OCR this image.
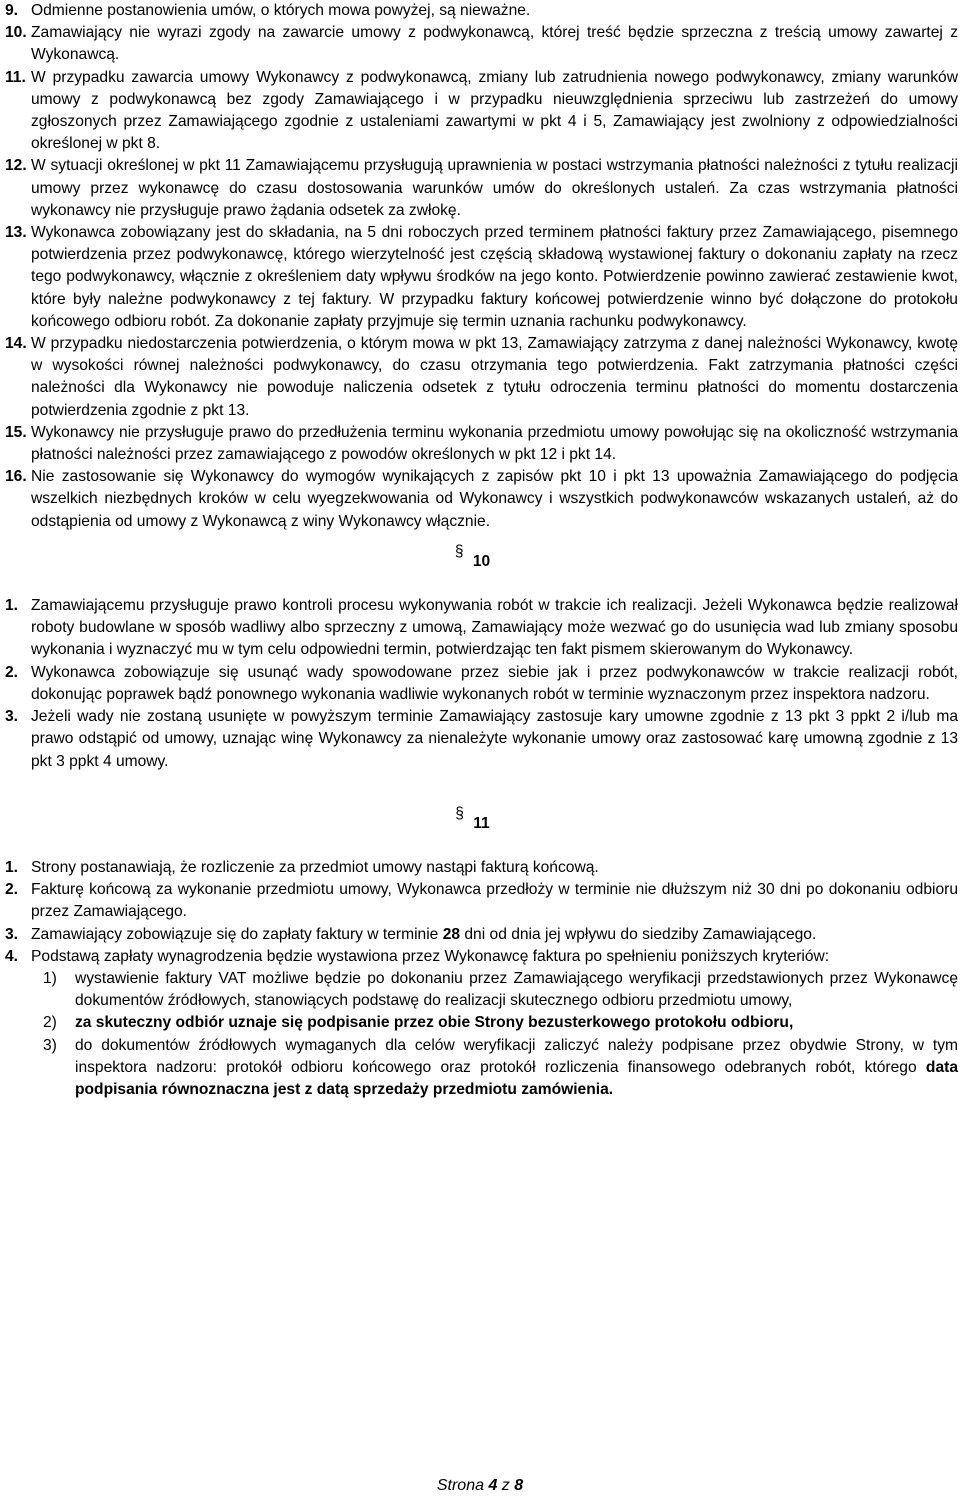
9. Odmienne postanowienia umów, o których mowa powyżej, są nieważne.
10. Zamawiający nie wyrazi zgody na zawarcie umowy z podwykonawcą, której treść będzie sprzeczna z treścią umowy zawartej z Wykonawcą.
11. W przypadku zawarcia umowy Wykonawcy z podwykonawcą, zmiany lub zatrudnienia nowego podwykonawcy, zmiany warunków umowy z podwykonawcą bez zgody Zamawiającego i w przypadku nieuwzględnienia sprzeciwu lub zastrzeżeń do umowy zgłoszonych przez Zamawiającego zgodnie z ustaleniami zawartymi w pkt 4 i 5, Zamawiający jest zwolniony z odpowiedzialności określonej w pkt 8.
12. W sytuacji określonej w pkt 11 Zamawiającemu przysługują uprawnienia w postaci wstrzymania płatności należności z tytułu realizacji umowy przez wykonawcę do czasu dostosowania warunków umów do określonych ustaleń. Za czas wstrzymania płatności wykonawcy nie przysługuje prawo żądania odsetek za zwłokę.
13. Wykonawca zobowiązany jest do składania, na 5 dni roboczych przed terminem płatności faktury przez Zamawiającego, pisemnego potwierdzenia przez podwykonawcę, którego wierzytelność jest częścią składową wystawionej faktury o dokonaniu zapłaty na rzecz tego podwykonawcy, włącznie z określeniem daty wpływu środków na jego konto. Potwierdzenie powinno zawierać zestawienie kwot, które były należne podwykonawcy z tej faktury. W przypadku faktury końcowej potwierdzenie winno być dołączone do protokołu końcowego odbioru robót. Za dokonanie zapłaty przyjmuje się termin uznania rachunku podwykonawcy.
14. W przypadku niedostarczenia potwierdzenia, o którym mowa w pkt 13, Zamawiający zatrzyma z danej należności Wykonawcy, kwotę w wysokości równej należności podwykonawcy, do czasu otrzymania tego potwierdzenia. Fakt zatrzymania płatności części należności dla Wykonawcy nie powoduje naliczenia odsetek z tytułu odroczenia terminu płatności do momentu dostarczenia potwierdzenia zgodnie z pkt 13.
15. Wykonawcy nie przysługuje prawo do przedłużenia terminu wykonania przedmiotu umowy powołując się na okoliczność wstrzymania płatności należności przez zamawiającego z powodów określonych w pkt 12 i pkt 14.
16. Nie zastosowanie się Wykonawcy do wymogów wynikających z zapisów pkt 10 i pkt 13 upoważnia Zamawiającego do podjęcia wszelkich niezbędnych kroków w celu wyegzekwowania od Wykonawcy i wszystkich podwykonawców wskazanych ustaleń, aż do odstąpienia od umowy z Wykonawcą z winy Wykonawcy włącznie.
§
10
1. Zamawiającemu przysługuje prawo kontroli procesu wykonywania robót w trakcie ich realizacji. Jeżeli Wykonawca będzie realizował roboty budowlane w sposób wadliwy albo sprzeczny z umową, Zamawiający może wezwać go do usunięcia wad lub zmiany sposobu wykonania i wyznaczyć mu w tym celu odpowiedni termin, potwierdzając ten fakt pismem skierowanym do Wykonawcy.
2. Wykonawca zobowiązuje się usunąć wady spowodowane przez siebie jak i przez podwykonawców w trakcie realizacji robót, dokonując poprawek bądź ponownego wykonania wadliwie wykonanych robót w terminie wyznaczonym przez inspektora nadzoru.
3. Jeżeli wady nie zostaną usunięte w powyższym terminie Zamawiający zastosuje kary umowne zgodnie z 13 pkt 3 ppkt 2 i/lub ma prawo odstąpić od umowy, uznając winę Wykonawcy za nienależyte wykonanie umowy oraz zastosować karę umowną zgodnie z 13 pkt 3 ppkt 4 umowy.
§
11
1. Strony postanawiają, że rozliczenie za przedmiot umowy nastąpi fakturą końcową.
2. Fakturę końcową za wykonanie przedmiotu umowy, Wykonawca przedłoży w terminie nie dłuższym niż 30 dni po dokonaniu odbioru przez Zamawiającego.
3. Zamawiający zobowiązuje się do zapłaty faktury w terminie 28 dni od dnia jej wpływu do siedziby Zamawiającego.
4. Podstawą zapłaty wynagrodzenia będzie wystawiona przez Wykonawcę faktura po spełnieniu poniższych kryteriów:
1) wystawienie faktury VAT możliwe będzie po dokonaniu przez Zamawiającego weryfikacji przedstawionych przez Wykonawcę dokumentów źródłowych, stanowiących podstawę do realizacji skutecznego odbioru przedmiotu umowy,
2) za skuteczny odbiór uznaje się podpisanie przez obie Strony bezusterkowego protokołu odbioru,
3) do dokumentów źródłowych wymaganych dla celów weryfikacji zaliczyć należy podpisane przez obydwie Strony, w tym inspektora nadzoru: protokół odbioru końcowego oraz protokół rozliczenia finansowego odebranych robót, którego data podpisania równoznaczna jest z datą sprzedaży przedmiotu zamówienia.
Strona 4 z 8
